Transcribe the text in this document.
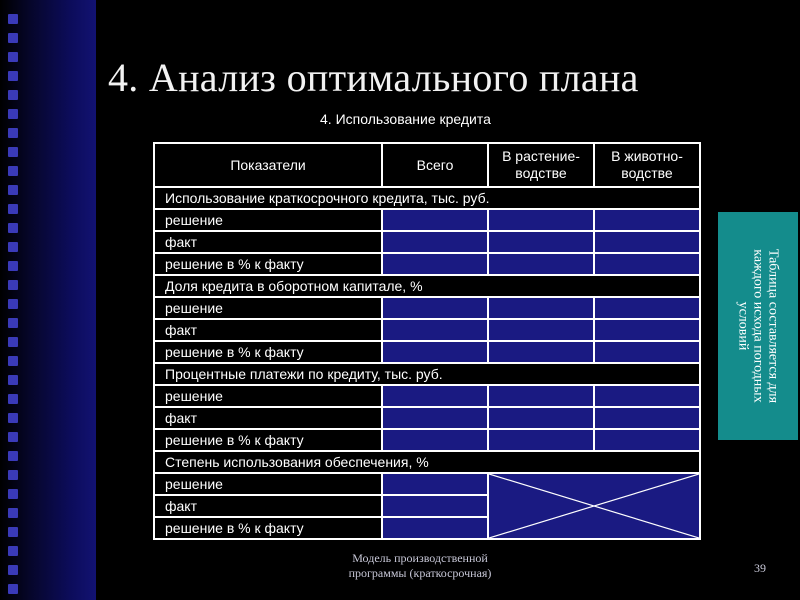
4. Анализ оптимального плана
4. Использование кредита
Показатели	Всего	В растение-водстве	В животно-водстве
Использование краткосрочного кредита, тыс. руб.			
решение			
факт			
решение в % к факту			
Доля кредита в оборотном капитале, %			
решение			
факт			
решение в % к факту			
Процентные платежи по кредиту, тыс. руб.			
решение			
факт			
решение в % к факту			
Степень использования обеспечения, %			
решение		

факт			
решение в % к факту			
Таблица составляется для каждого исхода погодных условий
Модель производственной
программы (краткосрочная)	39
